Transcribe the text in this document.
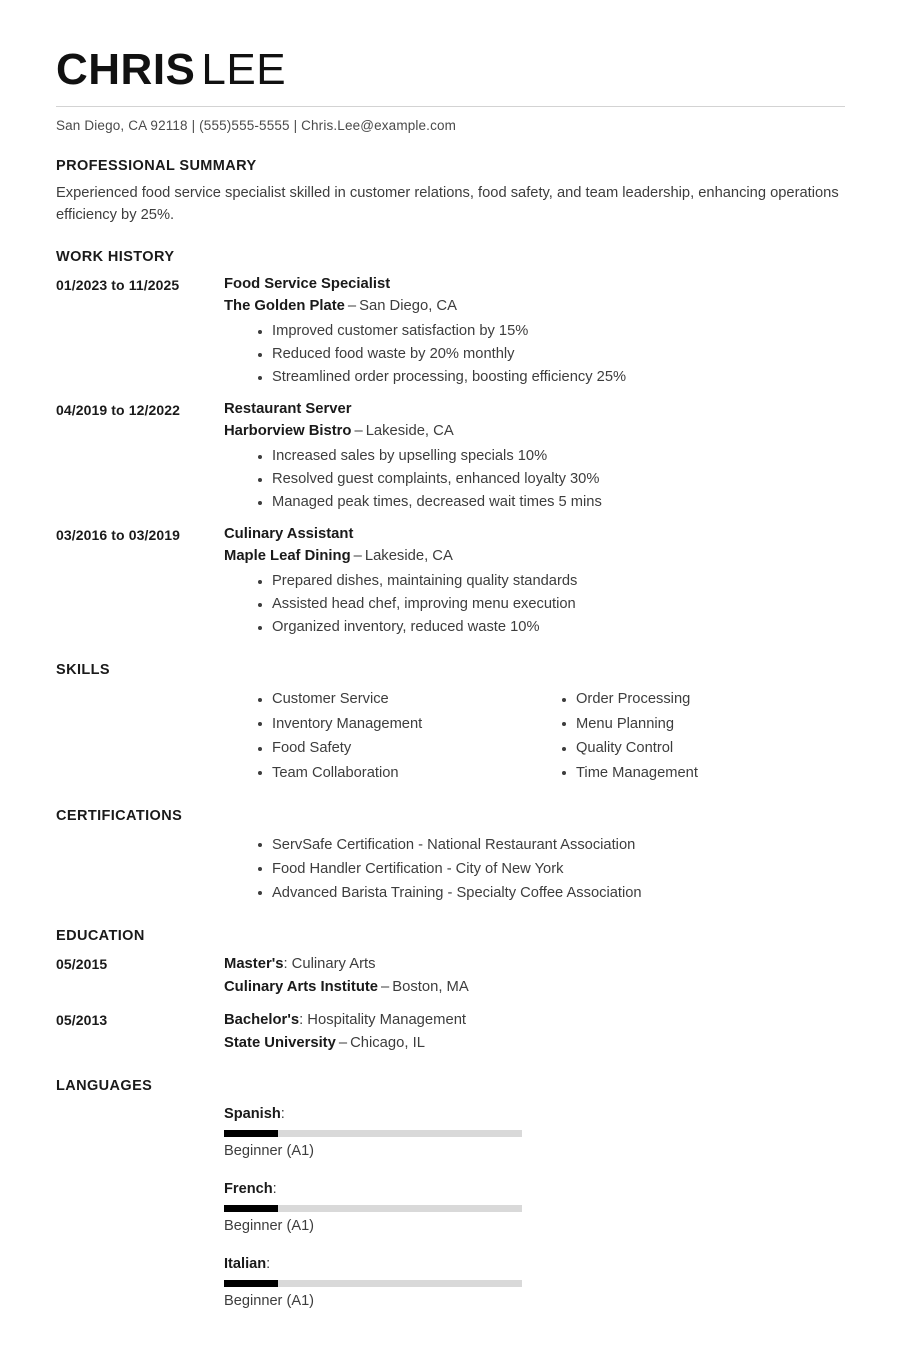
CHRIS LEE
San Diego, CA 92118 | (555)555-5555 | Chris.Lee@example.com
PROFESSIONAL SUMMARY
Experienced food service specialist skilled in customer relations, food safety, and team leadership, enhancing operations efficiency by 25%.
WORK HISTORY
01/2023 to 11/2025	Food Service Specialist
The Golden Plate – San Diego, CA
Improved customer satisfaction by 15%
Reduced food waste by 20% monthly
Streamlined order processing, boosting efficiency 25%
04/2019 to 12/2022	Restaurant Server
Harborview Bistro – Lakeside, CA
Increased sales by upselling specials 10%
Resolved guest complaints, enhanced loyalty 30%
Managed peak times, decreased wait times 5 mins
03/2016 to 03/2019	Culinary Assistant
Maple Leaf Dining – Lakeside, CA
Prepared dishes, maintaining quality standards
Assisted head chef, improving menu execution
Organized inventory, reduced waste 10%
SKILLS
Customer Service
Inventory Management
Food Safety
Team Collaboration
Order Processing
Menu Planning
Quality Control
Time Management
CERTIFICATIONS
ServSafe Certification - National Restaurant Association
Food Handler Certification - City of New York
Advanced Barista Training - Specialty Coffee Association
EDUCATION
05/2015	Master's: Culinary Arts
Culinary Arts Institute – Boston, MA
05/2013	Bachelor's: Hospitality Management
State University – Chicago, IL
LANGUAGES
Spanish:
Beginner (A1)
French:
Beginner (A1)
Italian:
Beginner (A1)
